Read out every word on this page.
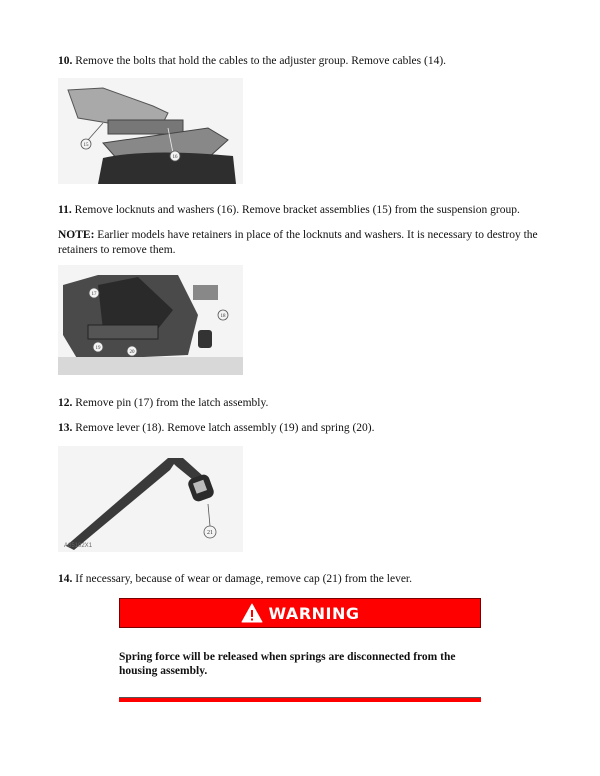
10. Remove the bolts that hold the cables to the adjuster group. Remove cables (14).
15
16
11. Remove locknuts and washers (16). Remove bracket assemblies (15) from the suspension group.
NOTE: Earlier models have retainers in place of the locknuts and washers. It is necessary to destroy the retainers to remove them.
17
18
19
20
12. Remove pin (17) from the latch assembly.
13. Remove lever (18). Remove latch assembly (19) and spring (20).
21
A85102X1
14. If necessary, because of wear or damage, remove cap (21) from the lever.
WARNING
Spring force will be released when springs are disconnected from the housing assembly.
